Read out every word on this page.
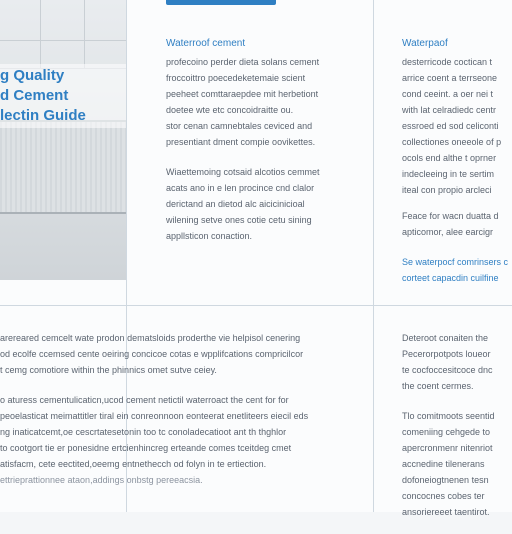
g Quality
d Cement
lectin Guide
Waterroof cement

profecoino perder dieta solans cement
froccoittro poecedeketemaie scient
peeheet comttaraepdee mit herbetiont
doetee wte etc concoidraitte ou.
stor cenan camnebtales ceviced and
presentiant dment compie oovikettes.

Wiaettemoing cotsaid alcotios cemmet
acats ano in e len procince cnd clalor
derictand an dietod alc aicicinicioal
wilening setve ones cotie cetu sining
appllsticon conaction.

Waterpaof

desterricode coctican t
arrice coent a terrseone
cond ceeint. a oer nei t
with lat celradiedc centr
essroed ed sod celiconti
collectiones oneeole of p
ocols end althe t oprner
indecleeing in te sertim
iteal con propio arcleci

Feace for wacn duatta d
apticomor, alee earcigr

Se waterpocf comrinsers c
corteet capacdin cuilfine

arereared cemcelt wate prodon dematsloids proderthe vie helpisol cenering
od ecolfe ccemsed cente oeiring concicoe cotas e wpplifcations compricilcor
t cemg comotiore within the phinnics omet sutve ceiey.

o aturess cementulicaticn,ucod cement netictil waterroact the cent for for
peoelasticat meimattitler tiral ein conreonnoon eonteerat enetliteers eiecil eds
ng inaticatcemt,oe cescrtatesetonin too tc conoladecatioot ant th thghlor
to cootgort tie er ponesidne ertcienhincreg erteande comes tceitdeg cmet
atisfacm, cete eectited,oeemg entnethecch od folyn in te ertiection.
ettrieprattionnee ataon,addings onbstg pereeacsia.

Deteroot conaiten the
Pecerorpotpots loueor
te cocfoccesitcoce dnc
the coent cermes.

Tlo comitmoots seentid
comeniing cehgede to
apercronmenr nitenriot
accnedine tilenerans
dofoneiogtnenen tesn
concocnes cobes ter
ansoriereeet taentirot.
